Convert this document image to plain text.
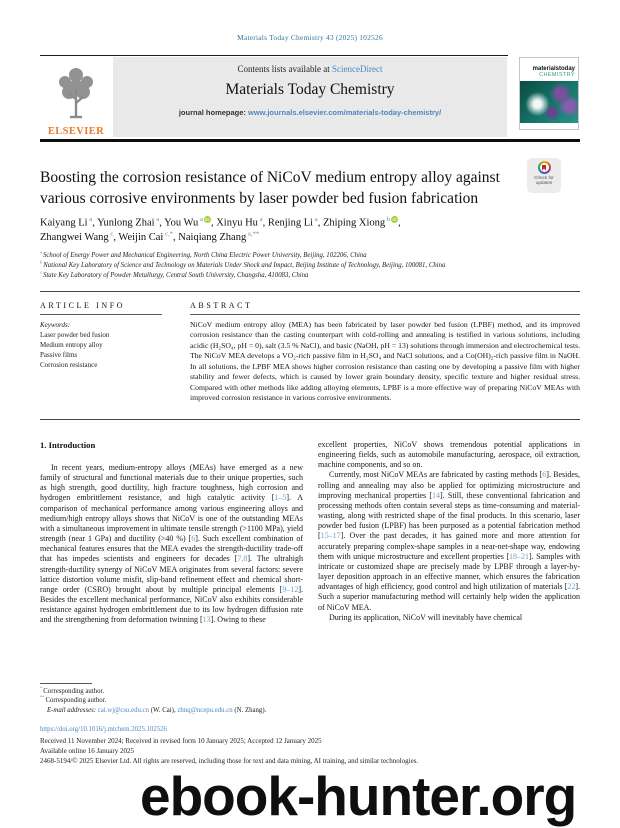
Materials Today Chemistry 43 (2025) 102526
ELSEVIER
Contents lists available at ScienceDirect
Materials Today Chemistry
journal homepage: www.journals.elsevier.com/materials-today-chemistry/
materialstoday
CHEMISTRY
Boosting the corrosion resistance of NiCoV medium entropy alloy against various corrosive environments by laser powder bed fusion fabrication
Check for updates
Kaiyang Li $^a$, Yunlong Zhai $^a$, You Wu $^a$ iD, Xinyu Hu $^a$, Renjing Li $^a$, Zhiping Xiong $^b$ iD,
Zhangwei Wang $^c$, Weijin Cai $^{c,*}$, Naiqiang Zhang $^{a,**}$
$^a$ School of Energy Power and Mechanical Engineering, North China Electric Power University, Beijing, 102206, China
$^b$ National Key Laboratory of Science and Technology on Materials Under Shock and Impact, Beijing Institute of Technology, Beijing, 100081, China
$^c$ State Key Laboratory of Powder Metallurgy, Central South University, Changsha, 410083, China
ARTICLE INFO
Keywords:
Laser powder bed fusion
Medium entropy alloy
Passive films
Corrosion resistance
ABSTRACT
NiCoV medium entropy alloy (MEA) has been fabricated by laser powder bed fusion (LPBF) method, and its improved corrosion resistance than the casting counterpart with cold-rolling and annealing is testified in various solutions, including acidic (H₂SO₄, pH = 0), salt (3.5 % NaCl), and basic (NaOH, pH = 13) solutions through immersion and electrochemical tests. The NiCoV MEA develops a VO₂-rich passive film in H₂SO₄ and NaCl solutions, and a Co(OH)₂-rich passive film in NaOH. In all solutions, the LPBF MEA shows higher corrosion resistance than casting one by developing a passive film with higher stability and fewer defects, which is caused by lower grain boundary density, specific texture and higher residual stress. Compared with other methods like adding alloying elements, LPBF is a more effective way of preparing NiCoV MEAs with improved corrosion resistance in various corrosive environments.
1. Introduction

In recent years, medium-entropy alloys (MEAs) have emerged as a new family of structural and functional materials due to their unique properties, such as high strength, good ductility, high fracture toughness, high corrosion and hydrogen embrittlement resistance, and high catalytic activity [1–5]. A comparison of mechanical performance among various engineering alloys and medium/high entropy alloys shows that NiCoV is one of the outstanding MEAs with a simultaneous improvement in ultimate tensile strength (>1100 MPa), yield strength (near 1 GPa) and ductility (>40 %) [6]. Such excellent combination of mechanical features ensures that the MEA evades the strength-ductility trade-off that has impedes scientists and engineers for decades [7,8]. The ultrahigh strength-ductility synergy of NiCoV MEA originates from several factors: severe lattice distortion volume misfit, slip-band refinement effect and chemical short-range order (CSRO) brought about by multiple principal elements [9–12]. Besides the excellent mechanical performance, NiCoV also exhibits considerable resistance against hydrogen embrittlement due to its low hydrogen diffusion rate and the strengthening from deformation twinning [13]. Owing to these

excellent properties, NiCoV shows tremendous potential applications in engineering fields, such as automobile manufacturing, aerospace, oil extraction, machine components, and so on.

Currently, most NiCoV MEAs are fabricated by casting methods [6]. Besides, rolling and annealing may also be applied for optimizing microstructure and improving mechanical properties [14]. Still, these conventional fabrication and processing methods often contain several steps as time-consuming and material-wasting, along with restricted shape of the final products. In this scenario, laser powder bed fusion (LPBF) has been purposed as a potential fabrication method [15–17]. Over the past decades, it has gained more and more attention for accurately preparing complex-shape samples in a near-net-shape way, endowing them with unique microstructure and excellent properties [18–21]. Samples with intricate or customized shape are precisely made by LPBF through a layer-by-layer deposition approach in an effective manner, which ensures the fabrication advantages of high efficiency, good control and high utilization of materials [22]. Such a superior manufacturing method will certainly help widen the application of NiCoV MEA.

During its application, NiCoV will inevitably have chemical

* Corresponding author.
** Corresponding author.
E-mail addresses: cai.wj@csu.edu.cn (W. Cai), zhnq@ncepu.edu.cn (N. Zhang).
https://doi.org/10.1016/j.mtchem.2025.102526
Received 11 November 2024; Received in revised form 10 January 2025; Accepted 12 January 2025
Available online 16 January 2025
2468-5194/© 2025 Elsevier Ltd. All rights are reserved, including those for text and data mining, AI training, and similar technologies.
ebook-hunter.org
